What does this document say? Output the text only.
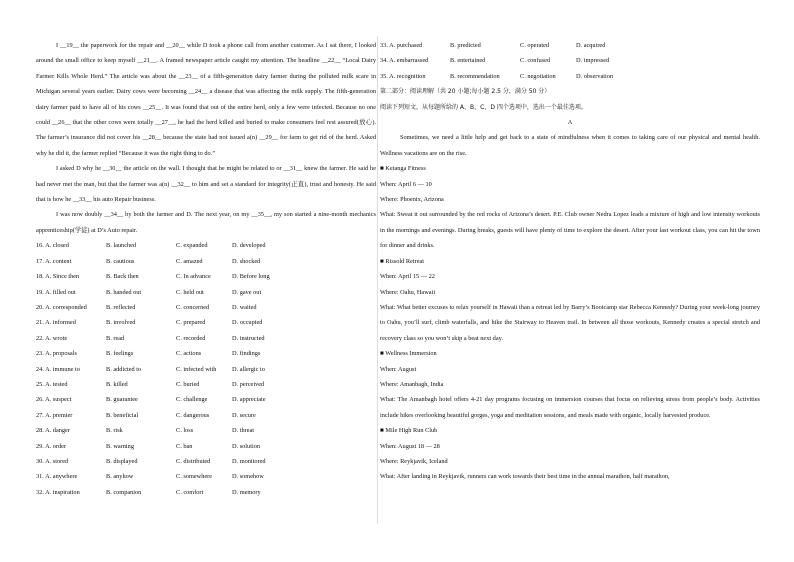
I __19__ the paperwork for the repair and __20__ while D took a phone call from another customer. As I sat there, I looked around the small office to keep myself __21__. A framed newspaper article caught my attention. The headline __22__ “Local Dairy Farmer Kills Whole Herd.” The article was about the __23__ of a fifth-generation dairy farmer during the polluted milk scare in Michigan several years earlier. Dairy cows were becoming __24__ a disease that was affecting the milk supply. The fifth-generation dairy farmer paid to have all of his cows __25__. It was found that out of the entire herd, only a few were infected. Because no one could __26__ that the other cows were totally __27__, he had the herd killed and buried to make consumers feel rest assured(放心). The farmer’s insurance did not cover his __28__ because the state had not issued a(n) __29__ for farm to get rid of the herd. Asked why he did it, the farmer replied “Because it was the right thing to do.”

I asked D why he __30__ the article on the wall. I thought that he might be related to or __31__ knew the farmer. He said he had never met the man, but that the farmer was a(n) __32__ to him and set a standard for integrity(正直), trust and honesty. He said that is how he __33__ his auto Repair business.

I was now doubly __34__ by both the farmer and D. The next year, on my __35__, my son started a nine-month mechanics apprenticeship(学徒) at D’s Auto repair.

16. A. closed	B. launched	C. expanded	D. developed
17. A. content	B. cautious	C. amazed	D. shocked
18. A. Since then	B. Back then	C. In advance	D. Before long
19. A. filled out	B. handed out	C. held out	D. gave out
20. A. corresponded	B. reflected	C. concerned	D. waited
21. A. informed	B. involved	C. prepared	D. occupied
22. A. wrote	B. read	C. recorded	D. instructed
23. A. proposals	B. feelings	C. actions	D. findings
24. A. immune to	B. addicted to	C. infected with	D. allergic to
25. A. tested	B. killed	C. buried	D. perceived
26. A. suspect	B. guarantee	C. challenge	D. appreciate
27. A. premier	B. beneficial	C. dangerous	D. secure
28. A. danger	B. risk	C. loss	D. threat
29. A. order	B. warning	C. ban	D. solution
30. A. stored	B. displayed	C. distributed	D. monitored
31. A. anywhere	B. anyhow	C. somewhere	D. somehow
32. A. inspiration	B. companion	C. comfort	D. memory
33. A. purchased	B. predicted	C. operated	D. acquired
34. A. embarrassed	B. entertained	C. confused	D. impressed
35. A. recognition	B. recommendation	C. negotiation	D. observation

第二部分：阅读理解（共 20 小题;每小题 2.5 分，满分 50 分）

阅读下列短文，从每题所给的 A、B、C、D 四个选项中，选出一个最佳选项。

A

Sometimes, we need a little help and get back to a state of mindfulness when it comes to taking care of our physical and mental health. Wellness vacations are on the rise.

■ Ketanga Fitness

When: April 6 — 10

Where: Phoenix, Arizona

What: Sweat it out surrounded by the red rocks of Arizona’s desert. P.E. Club owner Nedra Lopez leads a mixture of high and low intensity workouts in the mornings and evenings. During breaks, guests will have plenty of time to explore the desert. After your last workout class, you can hit the town for dinner and drinks.

■ Rissold Retreat

When: April 15 — 22

Where: Oahu, Hawaii

What: What better excuses to relax yourself in Hawaii than a retreat led by Barry’s Bootcamp star Rebecca Kennedy? During your week-long journey to Oahu, you’ll surf, climb waterfalls, and hike the Stairway to Heaven trail. In between all those workouts, Kennedy creates a special stretch and recovery class so you won’t skip a beat next day.

■ Wellness Immersion

When: August

Where: Amanbagh, India

What: The Amanbagh hotel offers 4-21 day programs focusing on immersion courses that focus on relieving stress from people’s body. Activities include hikes overlooking beautiful gorges, yoga and meditation sessions, and meals made with organic, locally harvested produce.

■ Mile High Run Club

When: August 18 — 28

Where: Reykjavik, Iceland

What: After landing in Reykjavik, runners can work towards their best time in the annual marathon, half marathon,
